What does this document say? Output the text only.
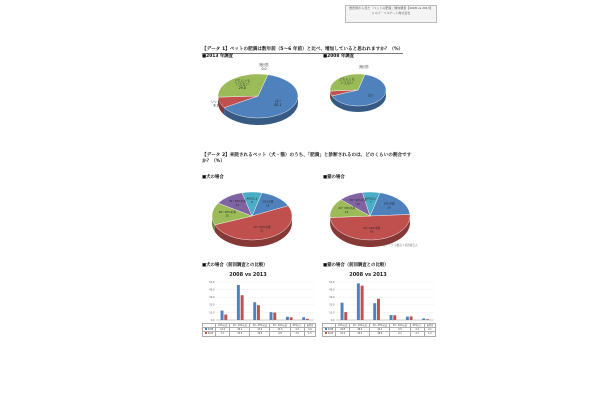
獣医師から見た「ペットの肥満」傾向調査【2008 vs 2013】
ヒルズ・コルゲート株式会社
【データ 1】ペットの肥満は数年前（5～6 年前）と比べ、増加していると思われますか？（%）
■2013 年調査	■2008 年調査
はい 62.1
いいえ 8.1
どちらともいえない 29.8
無回答 0.0
はい
どちらともいえない
無回答
【データ 2】来院されるペット（犬・猫）のうち、「肥満」と診断されるのは、どのくらいの割合です
か？（%）
■犬の場合	■猫の場合
10%未満 14
10～20%未満 51
20～30%未満 15
30～40%未満 12
40%以上 8
10%未満 20
10～20%未満 50
20～30%未満 13
30～40%未満 10
40%以上 7
全グラフ 小数点１位四捨五入
■犬の場合（前回調査との比較）	■猫の場合（前回調査との比較）
2008 vs 2013	2008 vs 2013
0.0
10.0
20.0
30.0
40.0
50.0
0.0
10.0
20.0
30.0
40.0
50.0
	10%未満	10～20%未満	20～30%未満	30～40%未満	40%以上	無回答
2008	12.4	46.1	23.4	10.3	4.2	3.6
2013	7.1	32.6	19.5	9.8	3.5	1.5
	10%未満	10～20%未満	20～30%未満	30～40%未満	40%以上	無回答
2008	22.8	48.2	22.1	6.5	4.4	2.1
2013	10.4	45.2	28.0	6.2	4.7	1.0
